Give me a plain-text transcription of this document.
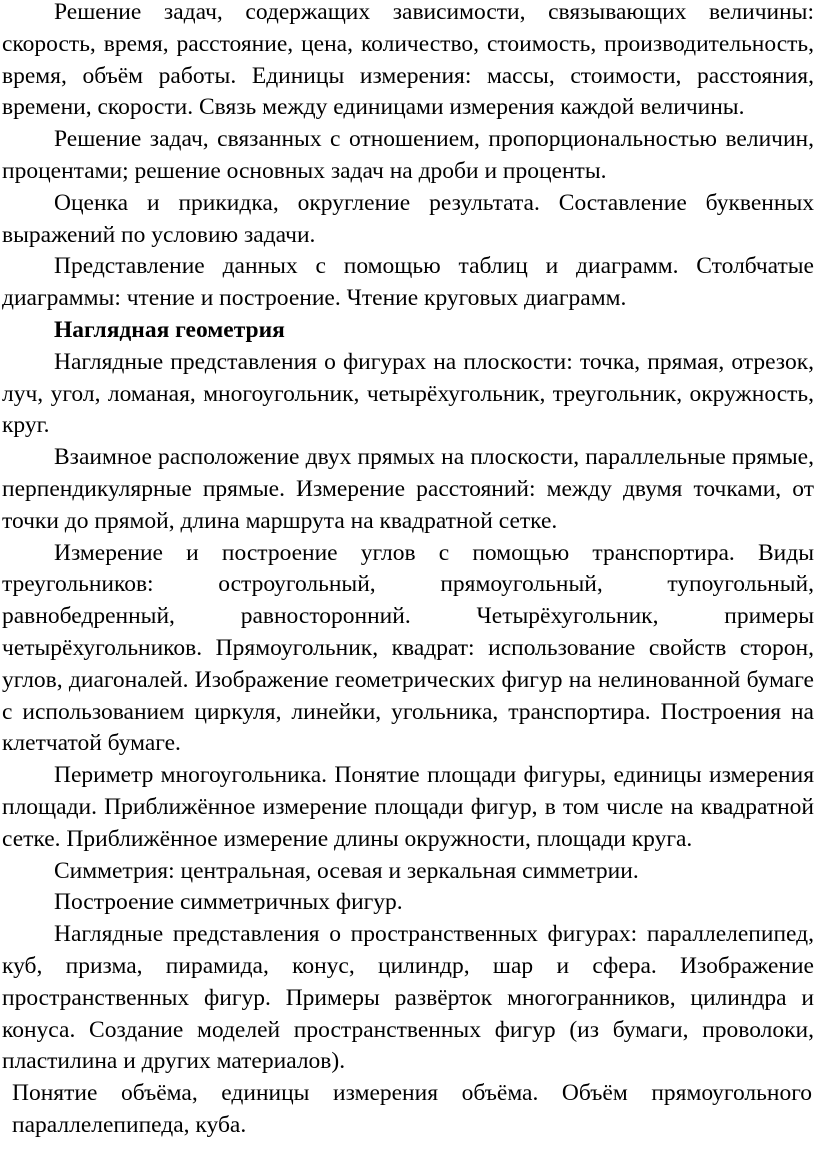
Решение задач, содержащих зависимости, связывающих величины: скорость, время, расстояние, цена, количество, стоимость, производительность, время, объём работы. Единицы измерения: массы, стоимости, расстояния, времени, скорости. Связь между единицами измерения каждой величины.

Решение задач, связанных с отношением, пропорциональностью величин, процентами; решение основных задач на дроби и проценты.

Оценка и прикидка, округление результата. Составление буквенных выражений по условию задачи.

Представление данных с помощью таблиц и диаграмм. Столбчатые диаграммы: чтение и построение. Чтение круговых диаграмм.

Наглядная геометрия

Наглядные представления о фигурах на плоскости: точка, прямая, отрезок, луч, угол, ломаная, многоугольник, четырёхугольник, треугольник, окружность, круг.

Взаимное расположение двух прямых на плоскости, параллельные прямые, перпендикулярные прямые. Измерение расстояний: между двумя точками, от точки до прямой, длина маршрута на квадратной сетке.

Измерение и построение углов с помощью транспортира. Виды треугольников: остроугольный, прямоугольный, тупоугольный, равнобедренный, равносторонний. Четырёхугольник, примеры четырёхугольников. Прямоугольник, квадрат: использование свойств сторон, углов, диагоналей. Изображение геометрических фигур на нелинованной бумаге с использованием циркуля, линейки, угольника, транспортира. Построения на клетчатой бумаге.

Периметр многоугольника. Понятие площади фигуры, единицы измерения площади. Приближённое измерение площади фигур, в том числе на квадратной сетке. Приближённое измерение длины окружности, площади круга.

Симметрия: центральная, осевая и зеркальная симметрии.

Построение симметричных фигур.

Наглядные представления о пространственных фигурах: параллелепипед, куб, призма, пирамида, конус, цилиндр, шар и сфера. Изображение пространственных фигур. Примеры развёрток многогранников, цилиндра и конуса. Создание моделей пространственных фигур (из бумаги, проволоки, пластилина и других материалов).

Понятие объёма, единицы измерения объёма. Объём прямоугольного параллелепипеда, куба.
